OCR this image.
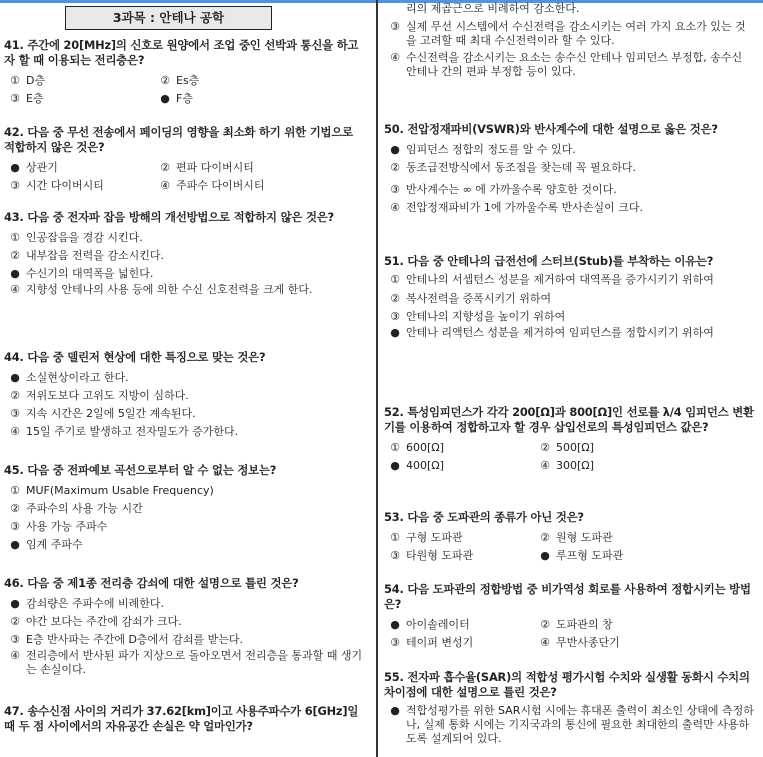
3과목 : 안테나 공학
41. 주간에 20[MHz]의 신호로 원양에서 조업 중인 선박과 통신을 하고자 할 때 이용되는 전리층은?
① D층	② Es층
③ E층	● F층
42. 다음 중 무선 전송에서 페이딩의 영향을 최소화 하기 위한 기법으로 적합하지 않은 것은?
● 상관기	② 편파 다이버시티
③ 시간 다이버시티	④ 주파수 다이버시티
43. 다음 중 전자파 잡음 방해의 개선방법으로 적합하지 않은 것은?
① 인공잡음을 경감 시킨다.
② 내부잡음 전력을 감소시킨다.
● 수신기의 대역폭을 넓힌다.
④ 지향성 안테나의 사용 등에 의한 수신 신호전력을 크게 한다.
44. 다음 중 델린저 현상에 대한 특징으로 맞는 것은?
● 소실현상이라고 한다.
② 저위도보다 고위도 지방이 심하다.
③ 지속 시간은 2일에 5일간 계속된다.
④ 15일 주기로 발생하고 전자밀도가 증가한다.
45. 다음 중 전파예보 곡선으로부터 알 수 없는 정보는?
① MUF(Maximum Usable Frequency)
② 주파수의 사용 가능 시간
③ 사용 가능 주파수
● 임계 주파수
46. 다음 중 제1종 전리층 감쇠에 대한 설명으로 틀린 것은?
● 감쇠량은 주파수에 비례한다.
② 야간 보다는 주간에 감쇠가 크다.
③ E층 반사파는 주간에 D층에서 감쇠를 받는다.
④ 전리층에서 반사된 파가 지상으로 돌아오면서 전리층을 통과할 때 생기는 손실이다.
47. 송수신점 사이의 거리가 37.62[km]이고 사용주파수가 6[GHz]일 때 두 점 사이에서의 자유공간 손실은 약 얼마인가?
리의 제곱근으로 비례하여 감소한다.
③ 실제 무선 시스템에서 수신전력을 감소시키는 여러 가지 요소가 있는 것을 고려할 때 최대 수신전력이라 할 수 있다.
④ 수신전력을 감소시키는 요소는 송수신 안테나 임피던스 부정합, 송수신 안테나 간의 편파 부정합 등이 있다.
50. 전압정재파비(VSWR)와 반사계수에 대한 설명으로 옳은 것은?
● 임피던스 정합의 정도를 알 수 있다.
② 동조급전방식에서 동조점을 찾는데 꼭 필요하다.
③ 반사계수는 ∞ 에 가까울수록 양호한 것이다.
④ 전압정재파비가 1에 가까울수록 반사손실이 크다.
51. 다음 중 안테나의 급전선에 스터브(Stub)를 부착하는 이유는?
① 안테나의 서셉턴스 성분을 제거하여 대역폭을 증가시키기 위하여
② 복사전력을 증폭시키기 위하여
③ 안테나의 지향성을 높이기 위하여
● 안테나 리액턴스 성분을 제거하여 임피던스를 정합시키기 위하여
52. 특성임피던스가 각각 200[Ω]과 800[Ω]인 선로를 λ/4 임피던스 변환기를 이용하여 정합하고자 할 경우 삽입선로의 특성임피던스 값은?
① 600[Ω]	② 500[Ω]
● 400[Ω]	④ 300[Ω]
53. 다음 중 도파관의 종류가 아닌 것은?
① 구형 도파관	② 원형 도파관
③ 타원형 도파관	● 루프형 도파관
54. 다음 도파관의 정합방법 중 비가역성 회로를 사용하여 정합시키는 방법은?
● 아이솔레이터	② 도파관의 창
③ 테이퍼 변성기	④ 무반사종단기
55. 전자파 흡수율(SAR)의 적합성 평가시험 수치와 실생활 동화시 수치의 차이점에 대한 설명으로 틀린 것은?
● 적합성평가를 위한 SAR시험 시에는 휴대폰 출력이 최소인 상태에 측정하나, 실제 통화 시에는 기지국과의 통신에 필요한 최대한의 출력만 사용하도록 설계되어 있다.
